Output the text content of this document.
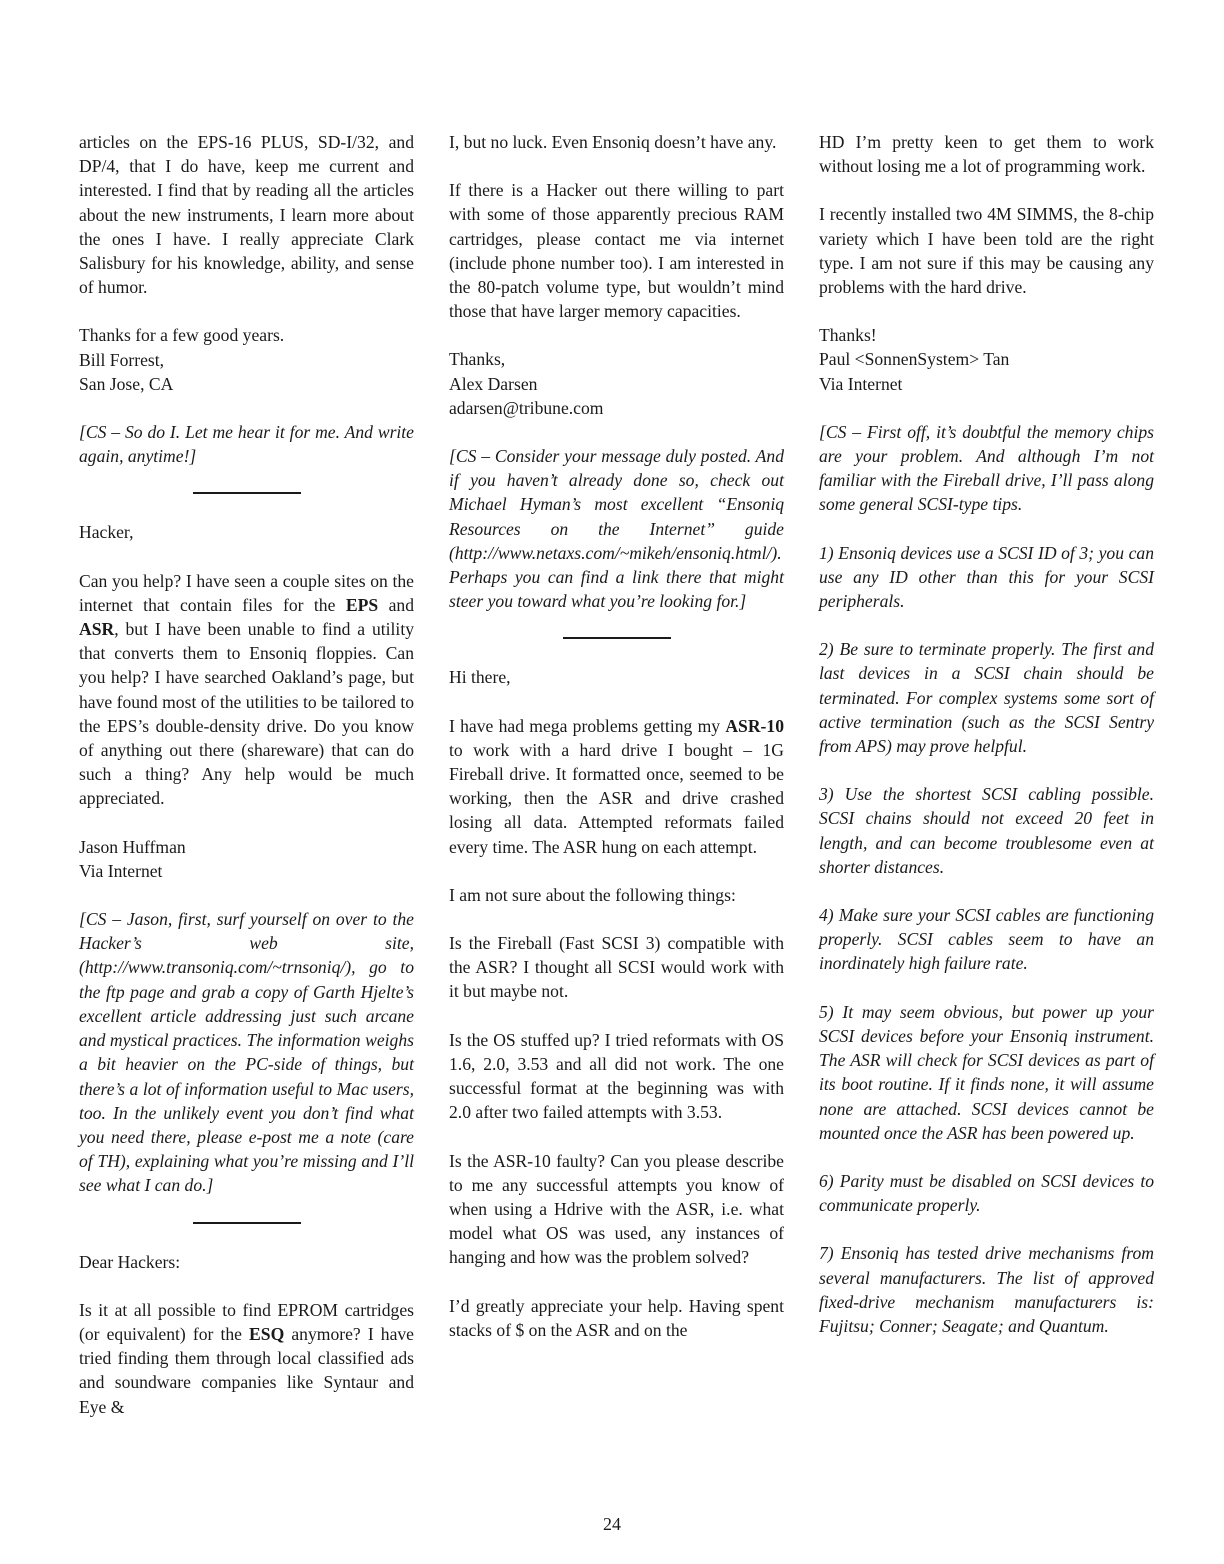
articles on the EPS-16 PLUS, SD-I/32, and DP/4, that I do have, keep me current and interested. I find that by reading all the articles about the new instruments, I learn more about the ones I have. I really appreciate Clark Salisbury for his knowledge, ability, and sense of humor.

Thanks for a few good years.
Bill Forrest,
San Jose, CA

[CS – So do I. Let me hear it for me. And write again, anytime!]

Hacker,

Can you help? I have seen a couple sites on the internet that contain files for the EPS and ASR, but I have been unable to find a utility that converts them to Ensoniq floppies. Can you help? I have searched Oakland’s page, but have found most of the utilities to be tailored to the EPS’s double-density drive. Do you know of anything out there (shareware) that can do such a thing? Any help would be much appreciated.

Jason Huffman
Via Internet

[CS – Jason, first, surf yourself on over to the Hacker’s web site, (http://www.transoniq.com/~trnsoniq/), go to the ftp page and grab a copy of Garth Hjelte’s excellent article addressing just such arcane and mystical practices. The information weighs a bit heavier on the PC-side of things, but there’s a lot of information useful to Mac users, too. In the unlikely event you don’t find what you need there, please e-post me a note (care of TH), explaining what you’re missing and I’ll see what I can do.]

Dear Hackers:

Is it at all possible to find EPROM cartridges (or equivalent) for the ESQ anymore? I have tried finding them through local classified ads and soundware companies like Syntaur and Eye &

I, but no luck. Even Ensoniq doesn’t have any.

If there is a Hacker out there willing to part with some of those apparently precious RAM cartridges, please contact me via internet (include phone number too). I am interested in the 80-patch volume type, but wouldn’t mind those that have larger memory capacities.

Thanks,
Alex Darsen
adarsen@tribune.com

[CS – Consider your message duly posted. And if you haven’t already done so, check out Michael Hyman’s most excellent “Ensoniq Resources on the Internet” guide (http://www.netaxs.com/~mikeh/ensoniq.html/). Perhaps you can find a link there that might steer you toward what you’re looking for.]

Hi there,

I have had mega problems getting my ASR-10 to work with a hard drive I bought – 1G Fireball drive. It formatted once, seemed to be working, then the ASR and drive crashed losing all data. Attempted reformats failed every time. The ASR hung on each attempt.

I am not sure about the following things:

Is the Fireball (Fast SCSI 3) compatible with the ASR? I thought all SCSI would work with it but maybe not.

Is the OS stuffed up? I tried reformats with OS 1.6, 2.0, 3.53 and all did not work. The one successful format at the beginning was with 2.0 after two failed attempts with 3.53.

Is the ASR-10 faulty? Can you please describe to me any successful attempts you know of when using a Hdrive with the ASR, i.e. what model what OS was used, any instances of hanging and how was the problem solved?

I’d greatly appreciate your help. Having spent stacks of $ on the ASR and on the

HD I’m pretty keen to get them to work without losing me a lot of programming work.

I recently installed two 4M SIMMS, the 8-chip variety which I have been told are the right type. I am not sure if this may be causing any problems with the hard drive.

Thanks!
Paul <SonnenSystem> Tan
Via Internet

[CS – First off, it’s doubtful the memory chips are your problem. And although I’m not familiar with the Fireball drive, I’ll pass along some general SCSI-type tips.

1) Ensoniq devices use a SCSI ID of 3; you can use any ID other than this for your SCSI peripherals.

2) Be sure to terminate properly. The first and last devices in a SCSI chain should be terminated. For complex systems some sort of active termination (such as the SCSI Sentry from APS) may prove helpful.

3) Use the shortest SCSI cabling possible. SCSI chains should not exceed 20 feet in length, and can become troublesome even at shorter distances.

4) Make sure your SCSI cables are functioning properly. SCSI cables seem to have an inordinately high failure rate.

5) It may seem obvious, but power up your SCSI devices before your Ensoniq instrument. The ASR will check for SCSI devices as part of its boot routine. If it finds none, it will assume none are attached. SCSI devices cannot be mounted once the ASR has been powered up.

6) Parity must be disabled on SCSI devices to communicate properly.

7) Ensoniq has tested drive mechanisms from several manufacturers. The list of approved fixed-drive mechanism manufacturers is: Fujitsu; Conner; Seagate; and Quantum.

24
